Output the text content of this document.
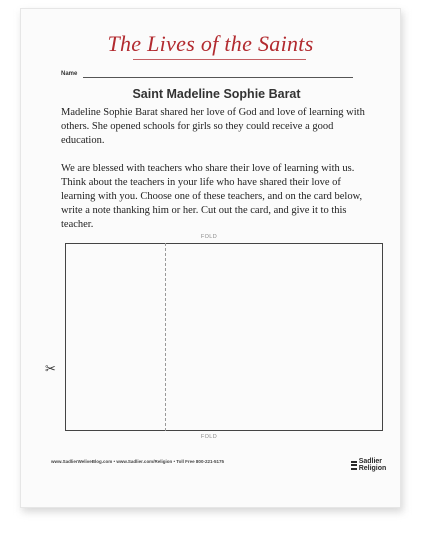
The Lives of the Saints
Name
Saint Madeline Sophie Barat

Madeline Sophie Barat shared her love of God and love of learning with others. She opened schools for girls so they could receive a good education.

We are blessed with teachers who share their love of learning with us. Think about the teachers in your life who have shared their love of learning with you. Choose one of these teachers, and on the card below, write a note thanking him or her. Cut out the card, and give it to this teacher.

FOLD
FOLD
✂

www.SadlierWeliveBlog.com • www.Sadlier.com/Religion • Toll Free 800-221-5175	Sadlier Religion
